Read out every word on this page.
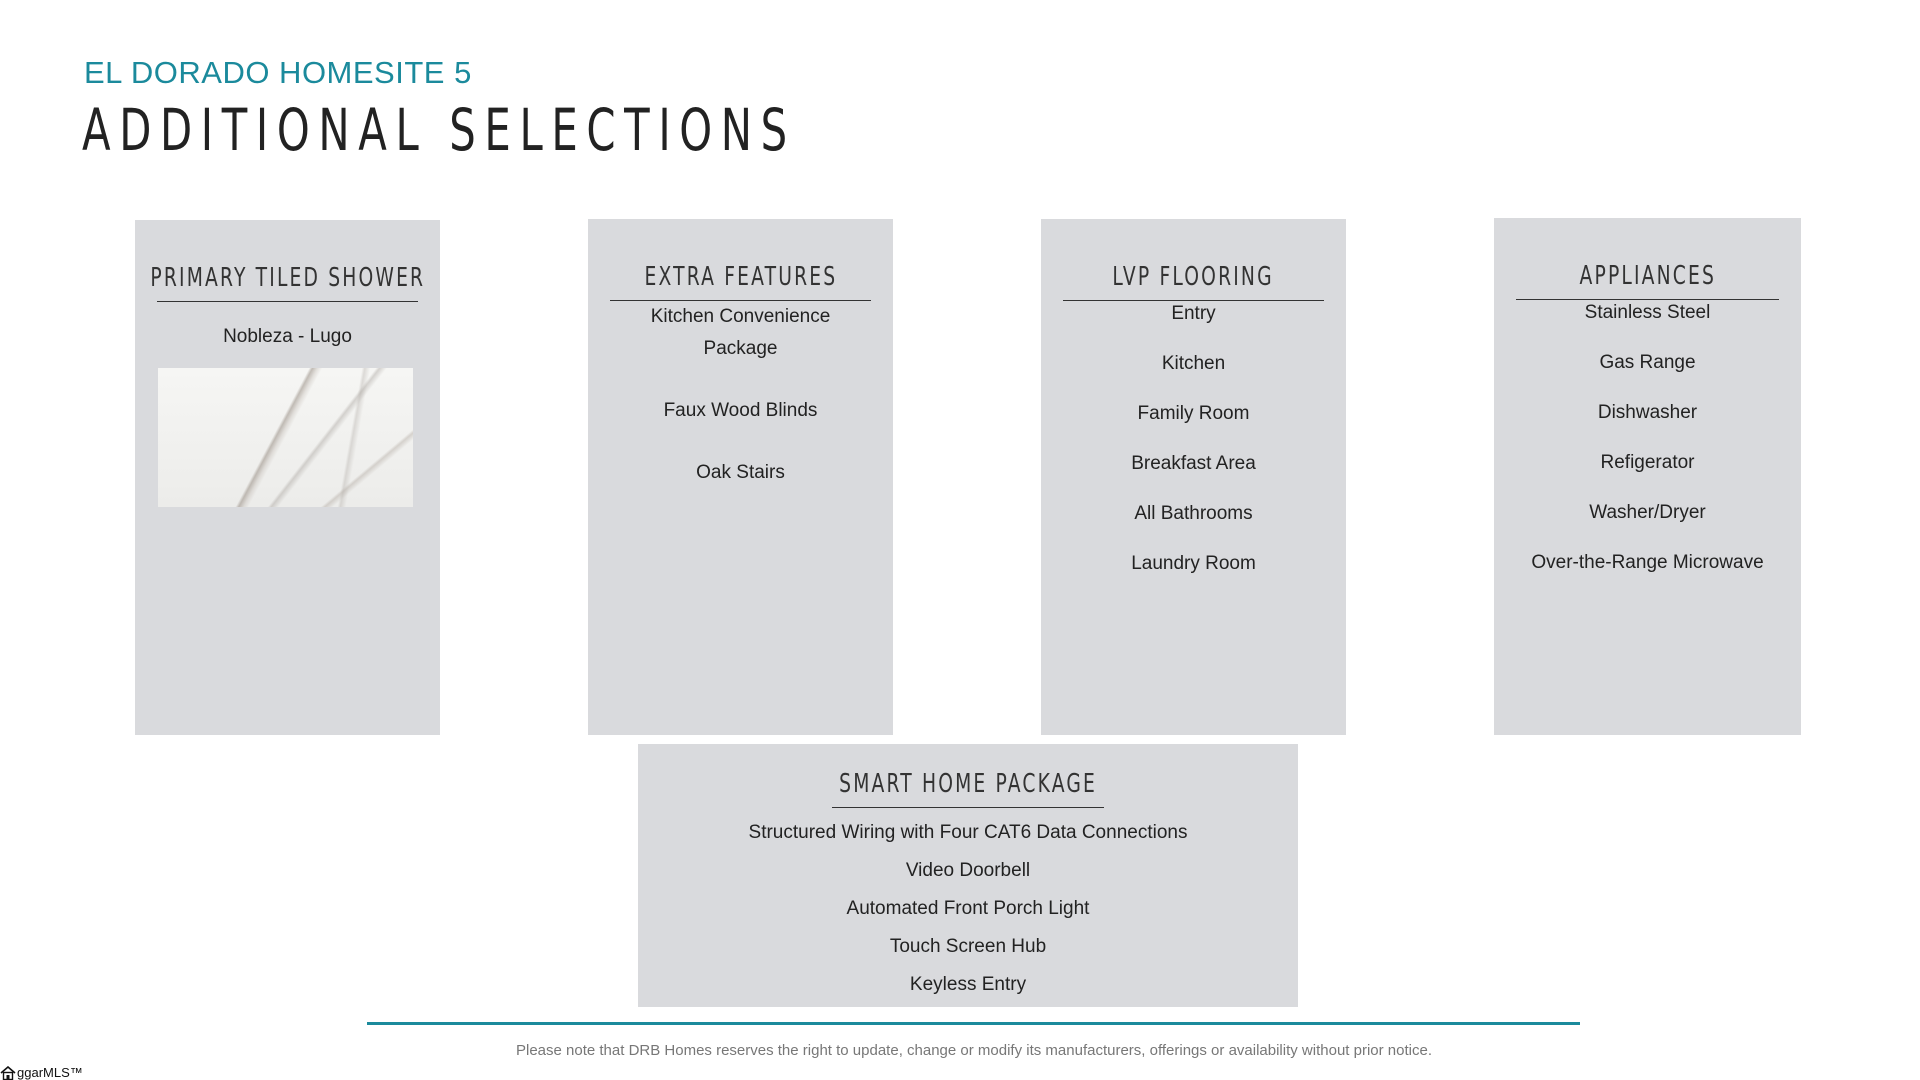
EL DORADO HOMESITE 5
ADDITIONAL SELECTIONS
PRIMARY TILED SHOWER
Nobleza - Lugo
EXTRA FEATURES
Kitchen Convenience Package
Faux Wood Blinds
Oak Stairs
LVP FLOORING
Entry
Kitchen
Family Room
Breakfast Area
All Bathrooms
Laundry Room
APPLIANCES
Stainless Steel
Gas Range
Dishwasher
Refigerator
Washer/Dryer
Over-the-Range Microwave
SMART HOME PACKAGE
Structured Wiring with Four CAT6 Data Connections
Video Doorbell
Automated Front Porch Light
Touch Screen Hub
Keyless Entry
Please note that DRB Homes reserves the right to update, change or modify its manufacturers, offerings or availability without prior notice.
ggarMLS™
